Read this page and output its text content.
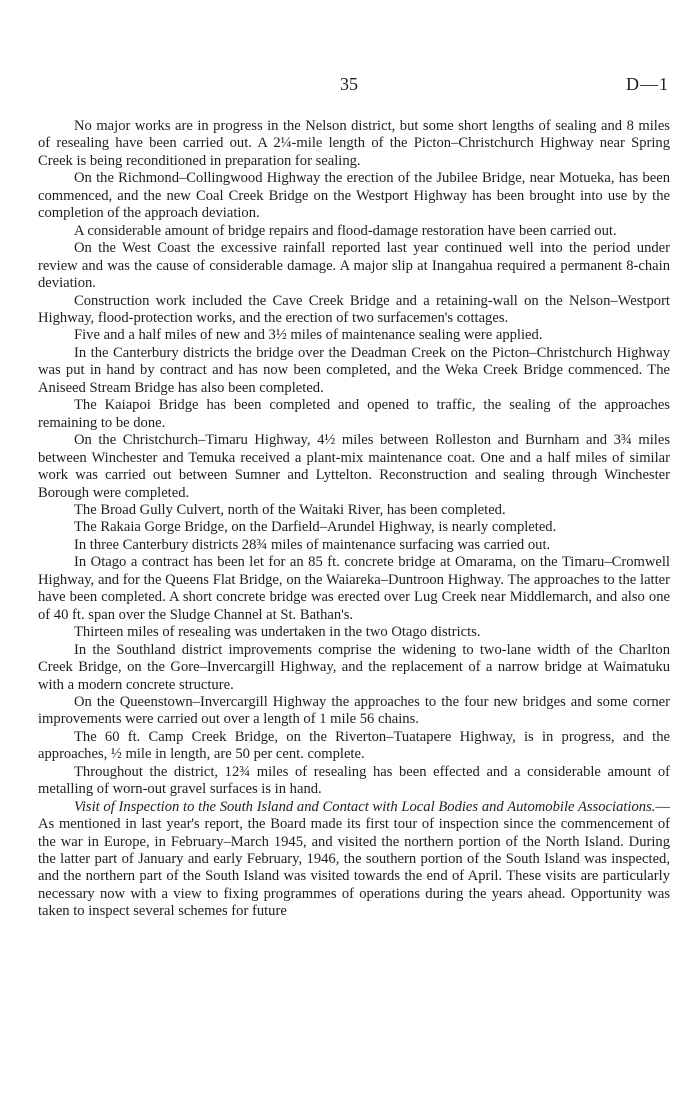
35	D—1

No major works are in progress in the Nelson district, but some short lengths of sealing and 8 miles of resealing have been carried out. A 2¼-mile length of the Picton–Christchurch Highway near Spring Creek is being reconditioned in preparation for sealing.

On the Richmond–Collingwood Highway the erection of the Jubilee Bridge, near Motueka, has been commenced, and the new Coal Creek Bridge on the Westport Highway has been brought into use by the completion of the approach deviation.

A considerable amount of bridge repairs and flood-damage restoration have been carried out.

On the West Coast the excessive rainfall reported last year continued well into the period under review and was the cause of considerable damage. A major slip at Inangahua required a permanent 8-chain deviation.

Construction work included the Cave Creek Bridge and a retaining-wall on the Nelson–Westport Highway, flood-protection works, and the erection of two surfacemen's cottages.

Five and a half miles of new and 3½ miles of maintenance sealing were applied.

In the Canterbury districts the bridge over the Deadman Creek on the Picton–Christchurch Highway was put in hand by contract and has now been completed, and the Weka Creek Bridge commenced. The Aniseed Stream Bridge has also been completed.

The Kaiapoi Bridge has been completed and opened to traffic, the sealing of the approaches remaining to be done.

On the Christchurch–Timaru Highway, 4½ miles between Rolleston and Burnham and 3¾ miles between Winchester and Temuka received a plant-mix maintenance coat. One and a half miles of similar work was carried out between Sumner and Lyttelton. Reconstruction and sealing through Winchester Borough were completed.

The Broad Gully Culvert, north of the Waitaki River, has been completed.

The Rakaia Gorge Bridge, on the Darfield–Arundel Highway, is nearly completed.

In three Canterbury districts 28¾ miles of maintenance surfacing was carried out.

In Otago a contract has been let for an 85 ft. concrete bridge at Omarama, on the Timaru–Cromwell Highway, and for the Queens Flat Bridge, on the Waiareka–Duntroon Highway. The approaches to the latter have been completed. A short concrete bridge was erected over Lug Creek near Middlemarch, and also one of 40 ft. span over the Sludge Channel at St. Bathan's.

Thirteen miles of resealing was undertaken in the two Otago districts.

In the Southland district improvements comprise the widening to two-lane width of the Charlton Creek Bridge, on the Gore–Invercargill Highway, and the replacement of a narrow bridge at Waimatuku with a modern concrete structure.

On the Queenstown–Invercargill Highway the approaches to the four new bridges and some corner improvements were carried out over a length of 1 mile 56 chains.

The 60 ft. Camp Creek Bridge, on the Riverton–Tuatapere Highway, is in progress, and the approaches, ½ mile in length, are 50 per cent. complete.

Throughout the district, 12¾ miles of resealing has been effected and a considerable amount of metalling of worn-out gravel surfaces is in hand.

Visit of Inspection to the South Island and Contact with Local Bodies and Automobile Associations.—As mentioned in last year's report, the Board made its first tour of inspection since the commencement of the war in Europe, in February–March 1945, and visited the northern portion of the North Island. During the latter part of January and early February, 1946, the southern portion of the South Island was inspected, and the northern part of the South Island was visited towards the end of April. These visits are particularly necessary now with a view to fixing programmes of operations during the years ahead. Opportunity was taken to inspect several schemes for future
